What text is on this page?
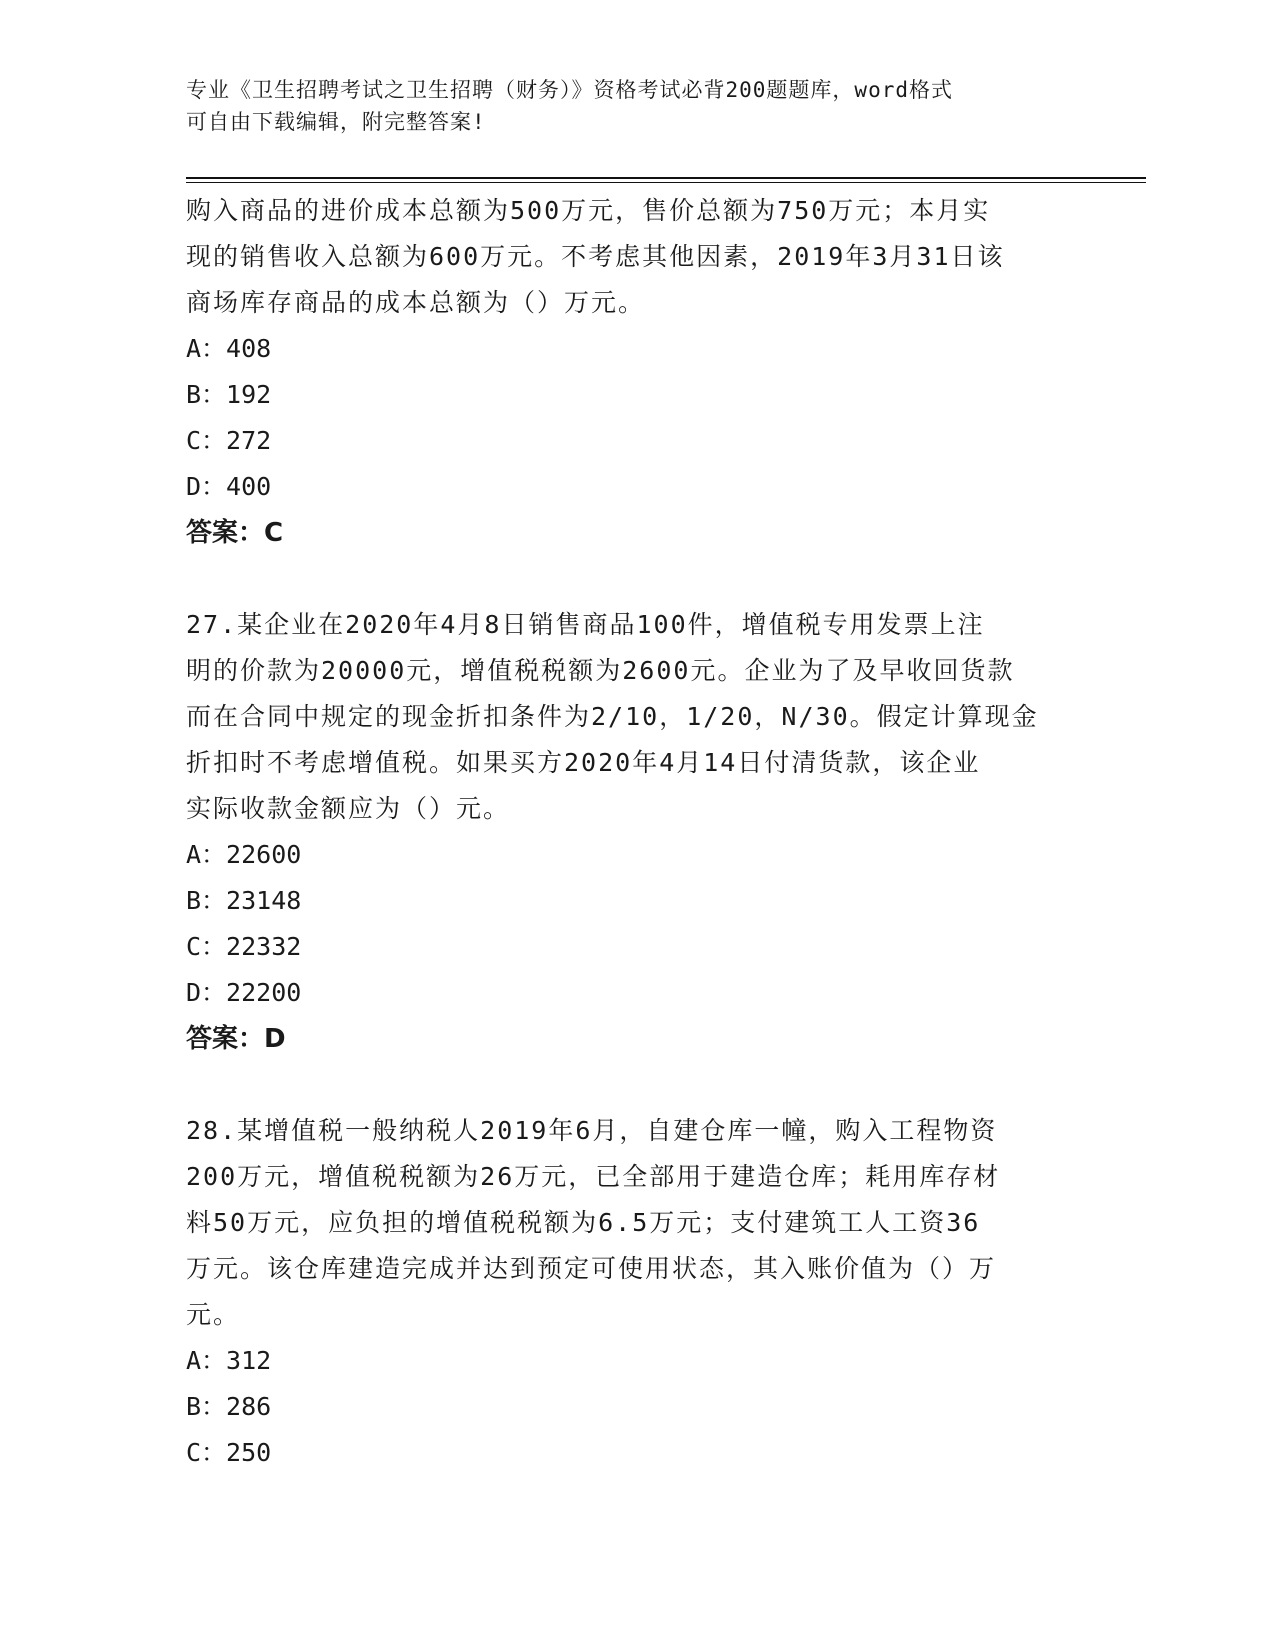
专业《卫生招聘考试之卫生招聘（财务）》资格考试必背200题题库，word格式
可自由下载编辑，附完整答案!
购入商品的进价成本总额为500万元，售价总额为750万元；本月实
现的销售收入总额为600万元。不考虑其他因素，2019年3月31日该
商场库存商品的成本总额为（）万元。
A：408
B：192
C：272
D：400
答案：C
27.某企业在2020年4月8日销售商品100件，增值税专用发票上注
明的价款为20000元，增值税税额为2600元。企业为了及早收回货款
而在合同中规定的现金折扣条件为2/10，1/20，N/30。假定计算现金
折扣时不考虑增值税。如果买方2020年4月14日付清货款，该企业
实际收款金额应为（）元。
A：22600
B：23148
C：22332
D：22200
答案：D
28.某增值税一般纳税人2019年6月，自建仓库一幢，购入工程物资
200万元，增值税税额为26万元，已全部用于建造仓库；耗用库存材
料50万元，应负担的增值税税额为6.5万元；支付建筑工人工资36
万元。该仓库建造完成并达到预定可使用状态，其入账价值为（）万
元。
A：312
B：286
C：250
